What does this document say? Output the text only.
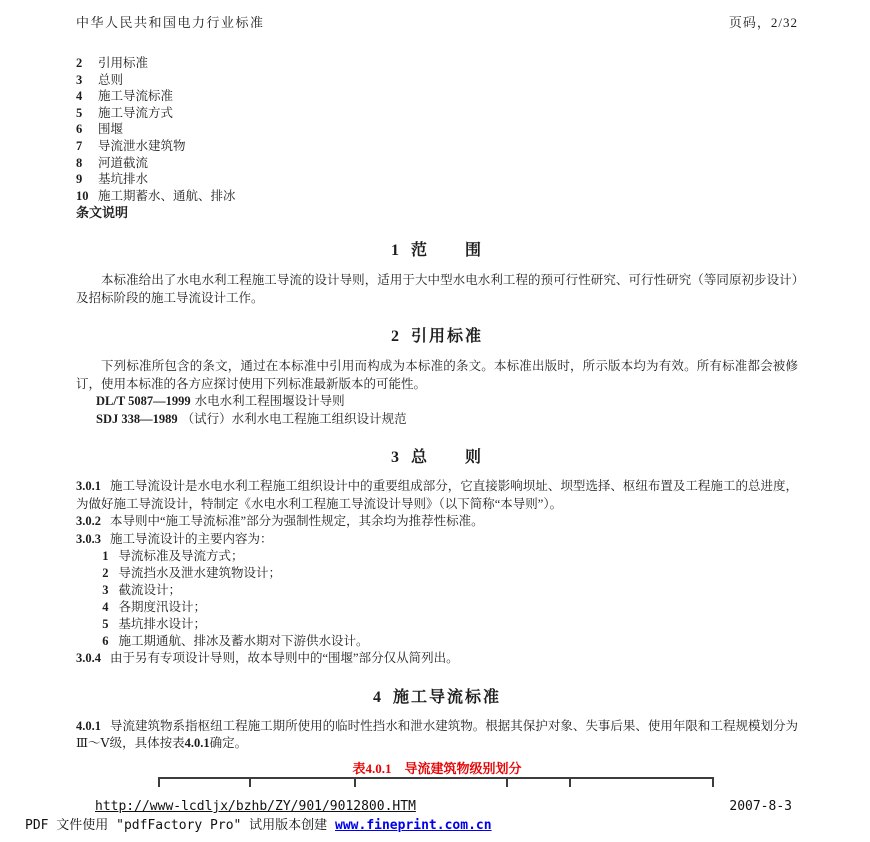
中华人民共和国电力行业标准	页码，2/32
2 引用标准
3 总则
4 施工导流标准
5 施工导流方式
6 围堰
7 导流泄水建筑物
8 河道截流
9 基坑排水
10 施工期蓄水、通航、排冰
条文说明
1 范　　围

本标准给出了水电水利工程施工导流的设计导则，适用于大中型水电水利工程的预可行性研究、可行性研究（等同原初步设计）及招标阶段的施工导流设计工作。

2 引用标准

下列标准所包含的条文，通过在本标准中引用而构成为本标准的条文。本标准出版时，所示版本均为有效。所有标准都会被修订，使用本标准的各方应探讨使用下列标准最新版本的可能性。

DL/T 5087—1999 水电水利工程围堰设计导则

SDJ 338—1989 （试行）水利水电工程施工组织设计规范

3 总　　则

3.0.1 施工导流设计是水电水利工程施工组织设计中的重要组成部分，它直接影响坝址、坝型选择、枢纽布置及工程施工的总进度，为做好施工导流设计，特制定《水电水利工程施工导流设计导则》（以下简称“本导则”）。

3.0.2 本导则中“施工导流标准”部分为强制性规定，其余均为推荐性标准。

3.0.3 施工导流设计的主要内容为：

1 导流标准及导流方式；
2 导流挡水及泄水建筑物设计；
3 截流设计；
4 各期度汛设计；
5 基坑排水设计；
6 施工期通航、排冰及蓄水期对下游供水设计。

3.0.4 由于另有专项设计导则，故本导则中的“围堰”部分仅从简列出。

4 施工导流标准

4.0.1 导流建筑物系指枢纽工程施工期所使用的临时性挡水和泄水建筑物。根据其保护对象、失事后果、使用年限和工程规模划分为Ⅲ～Ⅴ级，具体按表4.0.1确定。

表4.0.1　导流建筑物级别划分
http://www-lcdljx/bzhb/ZY/901/9012800.HTM	2007-8-3
PDF 文件使用 "pdfFactory Pro" 试用版本创建 www.fineprint.com.cn
